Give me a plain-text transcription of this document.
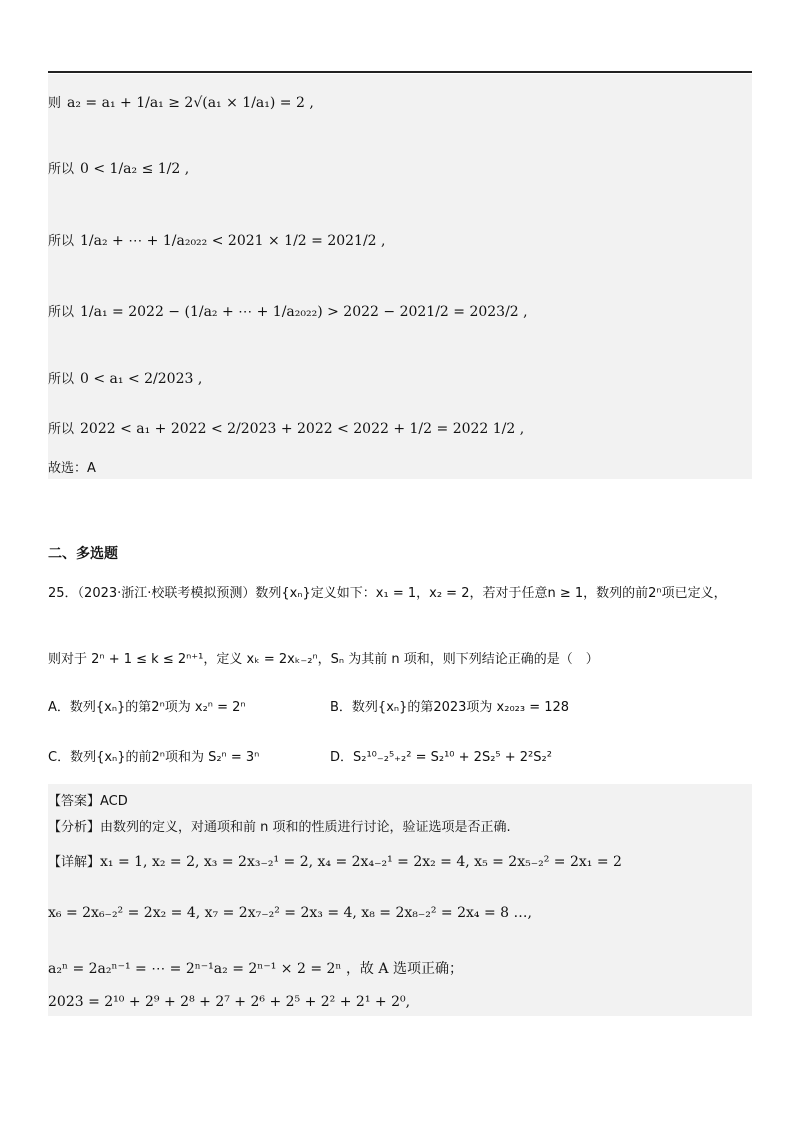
则 a₂ = a₁ + 1/a₁ ≥ 2√(a₁ × 1/a₁) = 2 ,
所以 0 < 1/a₂ ≤ 1/2 ,
所以 1/a₂ + ⋯ + 1/a₂₀₂₂ < 2021 × 1/2 = 2021/2 ,
所以 1/a₁ = 2022 − (1/a₂ + ⋯ + 1/a₂₀₂₂) > 2022 − 2021/2 = 2023/2 ,
所以 0 < a₁ < 2/2023 ,
所以 2022 < a₁ + 2022 < 2/2023 + 2022 < 2022 + 1/2 = 2022 1/2 ,
故选：A
二、多选题
25．（2023·浙江·校联考模拟预测）数列{xₙ}定义如下：x₁ = 1，x₂ = 2，若对于任意n ≥ 1，数列的前2ⁿ项已定义，
则对于 2ⁿ + 1 ≤ k ≤ 2ⁿ⁺¹，定义 xₖ = 2xₖ₋₂ⁿ，Sₙ 为其前 n 项和，则下列结论正确的是（　）
A．数列{xₙ}的第2ⁿ项为 x₂ⁿ = 2ⁿ	B．数列{xₙ}的第2023项为 x₂₀₂₃ = 128
C．数列{xₙ}的前2ⁿ项和为 S₂ⁿ = 3ⁿ	D．S₂¹⁰₋₂⁵₊₂² = S₂¹⁰ + 2S₂⁵ + 2²S₂²
【答案】ACD
【分析】由数列的定义，对通项和前 n 项和的性质进行讨论，验证选项是否正确.
【详解】x₁ = 1, x₂ = 2, x₃ = 2x₃₋₂¹ = 2, x₄ = 2x₄₋₂¹ = 2x₂ = 4, x₅ = 2x₅₋₂² = 2x₁ = 2
x₆ = 2x₆₋₂² = 2x₂ = 4, x₇ = 2x₇₋₂² = 2x₃ = 4, x₈ = 2x₈₋₂² = 2x₄ = 8 …,
a₂ⁿ = 2a₂ⁿ⁻¹ = ⋯ = 2ⁿ⁻¹a₂ = 2ⁿ⁻¹ × 2 = 2ⁿ ，故 A 选项正确；
2023 = 2¹⁰ + 2⁹ + 2⁸ + 2⁷ + 2⁶ + 2⁵ + 2² + 2¹ + 2⁰,
